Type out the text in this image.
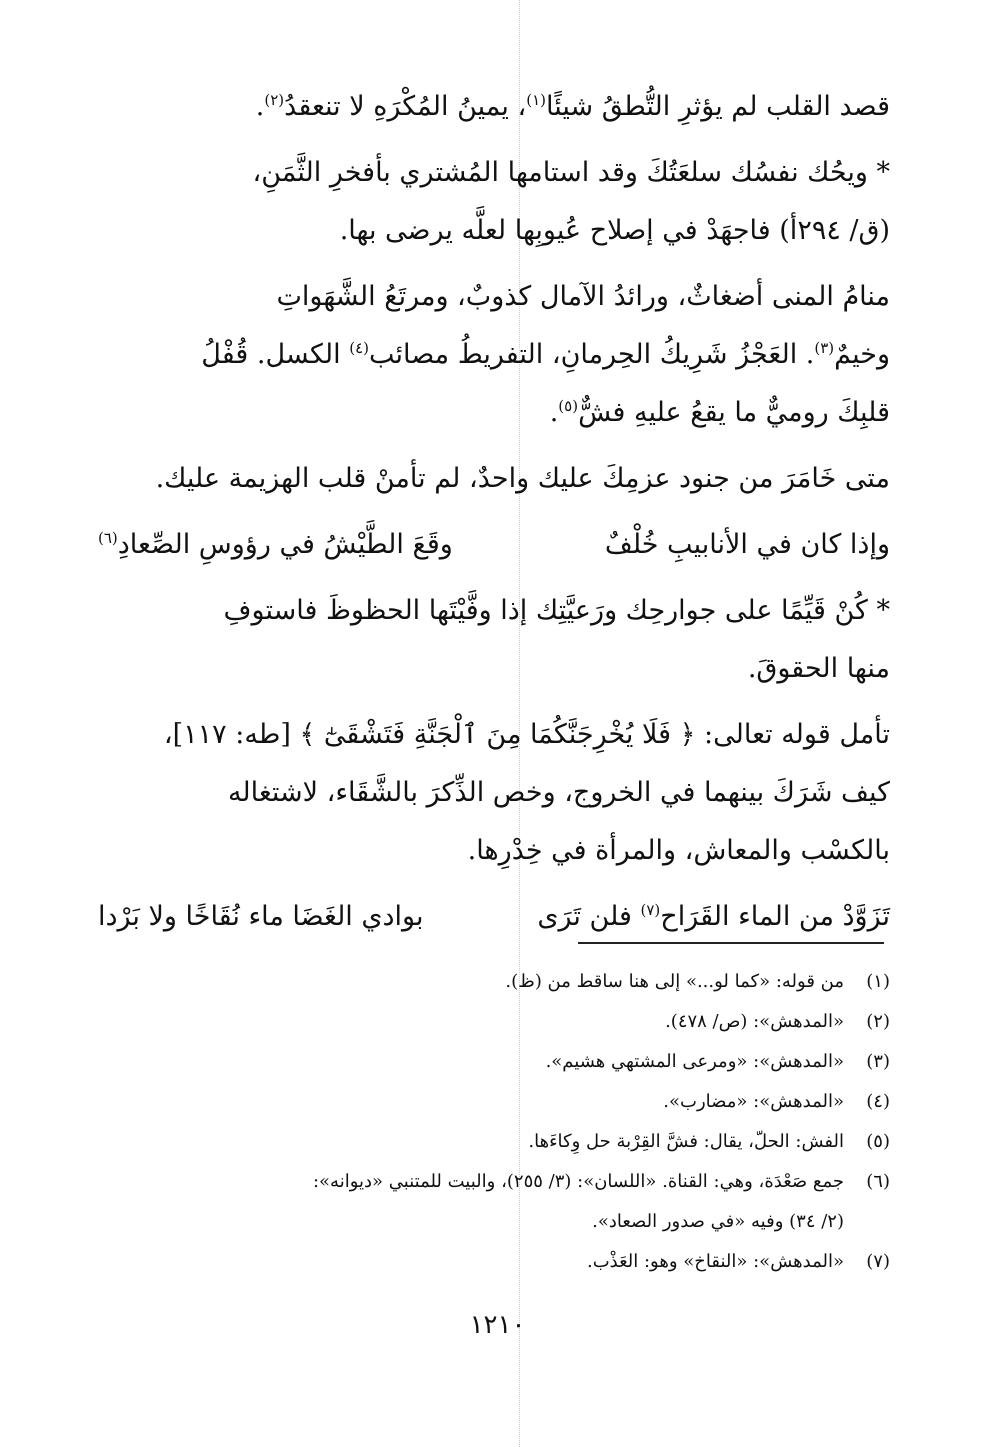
قصد القلب لم يؤثرِ التُّطقُ شيئًا$^{(١)}$، يمينُ المُكْرَهِ لا تنعقدُ$^{(٢)}$.
* ويحُك نفسُك سلعَتُكَ وقد استامها المُشتري بأفخرِ الثَّمَنِ،
(ق/ ٢٩٤أ) فاجهَدْ في إصلاح عُيوبِها لعلَّه يرضى بها.
منامُ المنى أضغاثٌ، ورائدُ الآمال كذوبٌ، ومرتَعُ الشَّهَواتِ
وخيمٌ$^{(٣)}$. العَجْزُ شَرِيكُ الحِرمانِ، التفريطُ مصائب$^{(٤)}$ الكسل. قُفْلُ
قلبِكَ روميٌّ ما يقعُ عليهِ فشٌّ$^{(٥)}$.
متى خَامَرَ من جنود عزمِكَ عليك واحدٌ، لم تأمنْ قلب الهزيمة عليك.
وإذا كان في الأنابيبِ خُلْفٌ
وقَعَ الطَّيْشُ في رؤوسِ الصِّعادِ$^{(٦)}$
* كُنْ قَيِّمًا على جوارحِك ورَعيَّتِك إذا وفَّيْتَها الحظوظَ فاستوفِ
منها الحقوقَ.
تأمل قوله تعالى: ﴿ فَلَا يُخْرِجَنَّكُمَا مِنَ ٱلْجَنَّةِ فَتَشْقَىٰٓ ﴾ [طه: ١١٧]،
كيف شَرَكَ بينهما في الخروج، وخص الذِّكرَ بالشَّقَاء، لاشتغاله
بالكسْب والمعاش، والمرأة في خِدْرِها.
تَزَوَّدْ من الماء القَرَاح$^{(٧)}$ فلن تَرَى
بوادي الغَضَا ماء نُقَاخًا ولا بَرْدا
(١)
من قوله: «كما لو...» إلى هنا ساقط من (ظ).
(٢)
«المدهش»: (ص/ ٤٧٨).
(٣)
«المدهش»: «ومرعى المشتهي هشيم».
(٤)
«المدهش»: «مضارب».
(٥)
الفش: الحلّ، يقال: فشَّ القِرْبة حل وِكاءَها.
(٦)
جمع صَعْدَة، وهي: القناة. «اللسان»: (٣/ ٢٥٥)، والبيت للمتنبي «ديوانه»:
(٢/ ٣٤) وفيه «في صدور الصعاد».
(٧)
«المدهش»: «النقاخ» وهو: العَذْب.
١٢١٠
